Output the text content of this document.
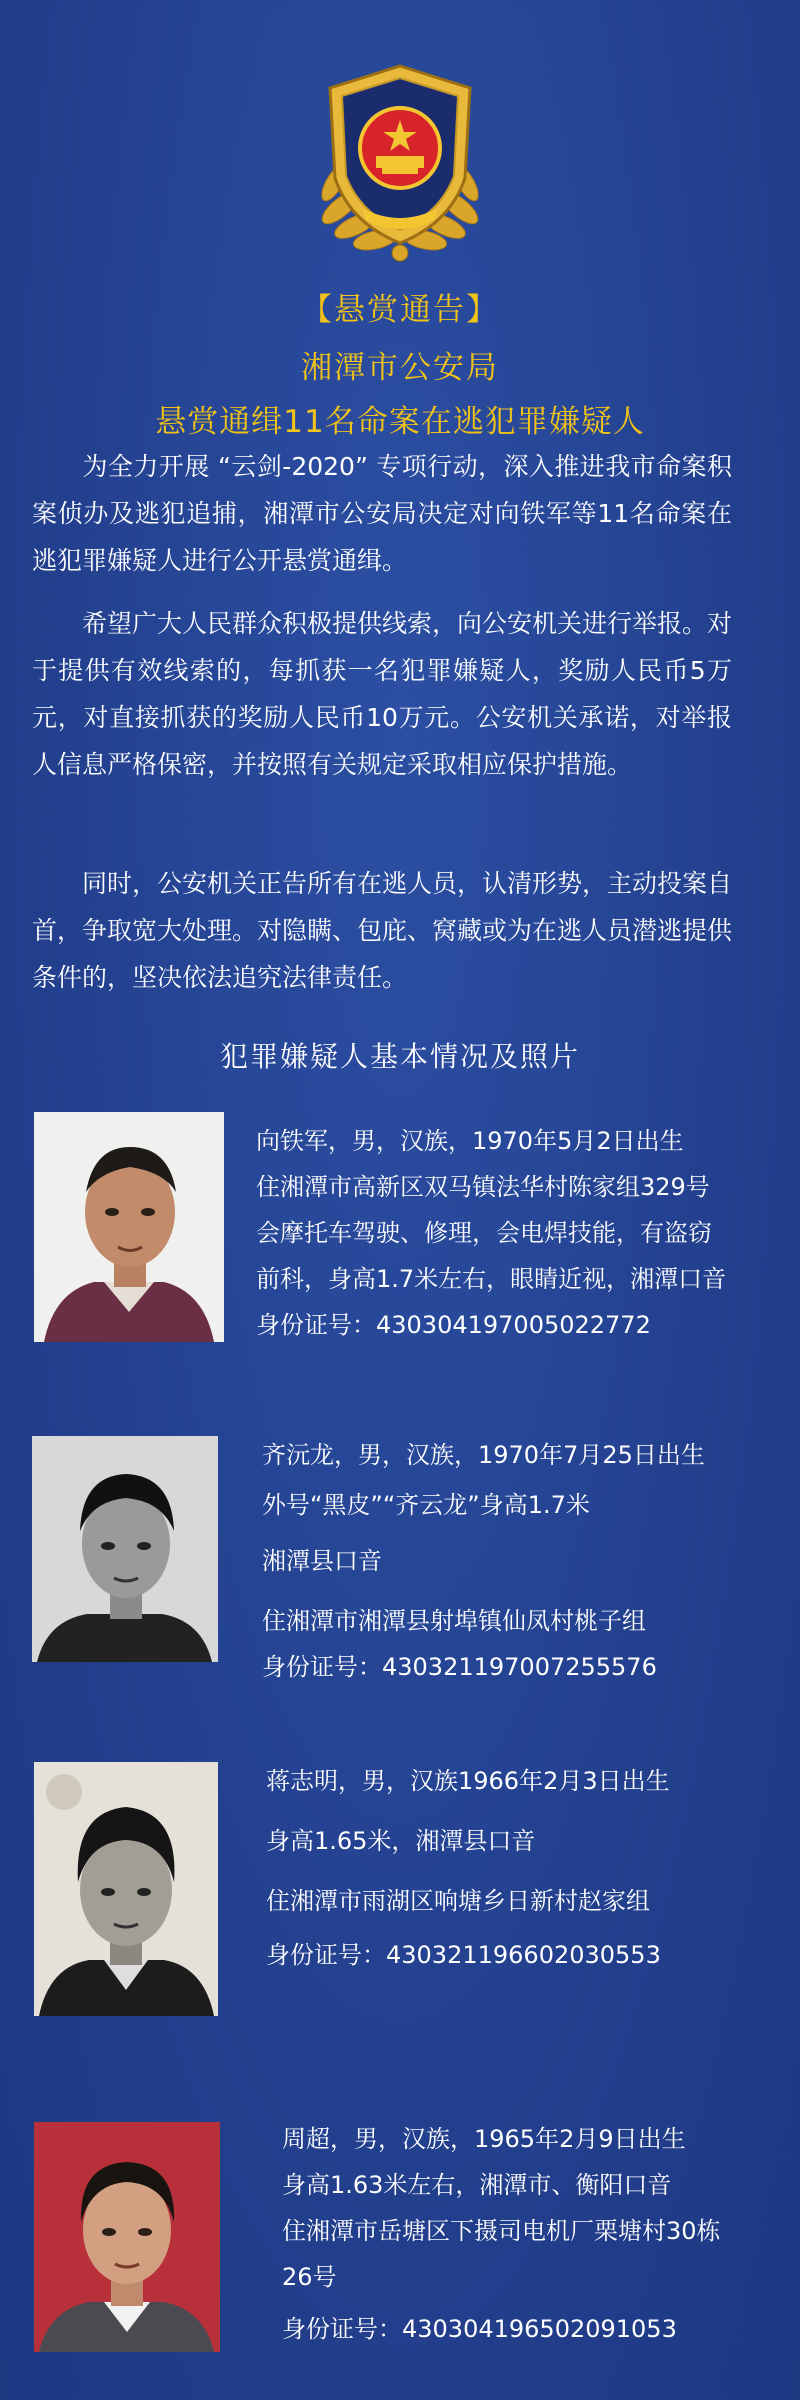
【悬赏通告】
湘潭市公安局
悬赏通缉11名命案在逃犯罪嫌疑人
为全力开展 “云剑-2020” 专项行动，深入推进我市命案积案侦办及逃犯追捕，湘潭市公安局决定对向铁军等11名命案在逃犯罪嫌疑人进行公开悬赏通缉。
希望广大人民群众积极提供线索，向公安机关进行举报。对于提供有效线索的，每抓获一名犯罪嫌疑人，奖励人民币5万元，对直接抓获的奖励人民币10万元。公安机关承诺，对举报人信息严格保密，并按照有关规定采取相应保护措施。
同时，公安机关正告所有在逃人员，认清形势，主动投案自首，争取宽大处理。对隐瞒、包庇、窝藏或为在逃人员潜逃提供条件的，坚决依法追究法律责任。
犯罪嫌疑人基本情况及照片
向铁军，男，汉族，1970年5月2日出生
住湘潭市高新区双马镇法华村陈家组329号
会摩托车驾驶、修理，会电焊技能，有盗窃
前科，身高1.7米左右，眼睛近视，湘潭口音
身份证号：430304197005022772
齐沅龙，男，汉族，1970年7月25日出生
外号“黑皮”“齐云龙”身高1.7米
湘潭县口音
住湘潭市湘潭县射埠镇仙凤村桃子组
身份证号：430321197007255576
蒋志明，男，汉族1966年2月3日出生
身高1.65米，湘潭县口音
住湘潭市雨湖区响塘乡日新村赵家组
身份证号：430321196602030553
周超，男，汉族，1965年2月9日出生
身高1.63米左右，湘潭市、衡阳口音
住湘潭市岳塘区下摄司电机厂栗塘村30栋
26号
身份证号：430304196502091053
